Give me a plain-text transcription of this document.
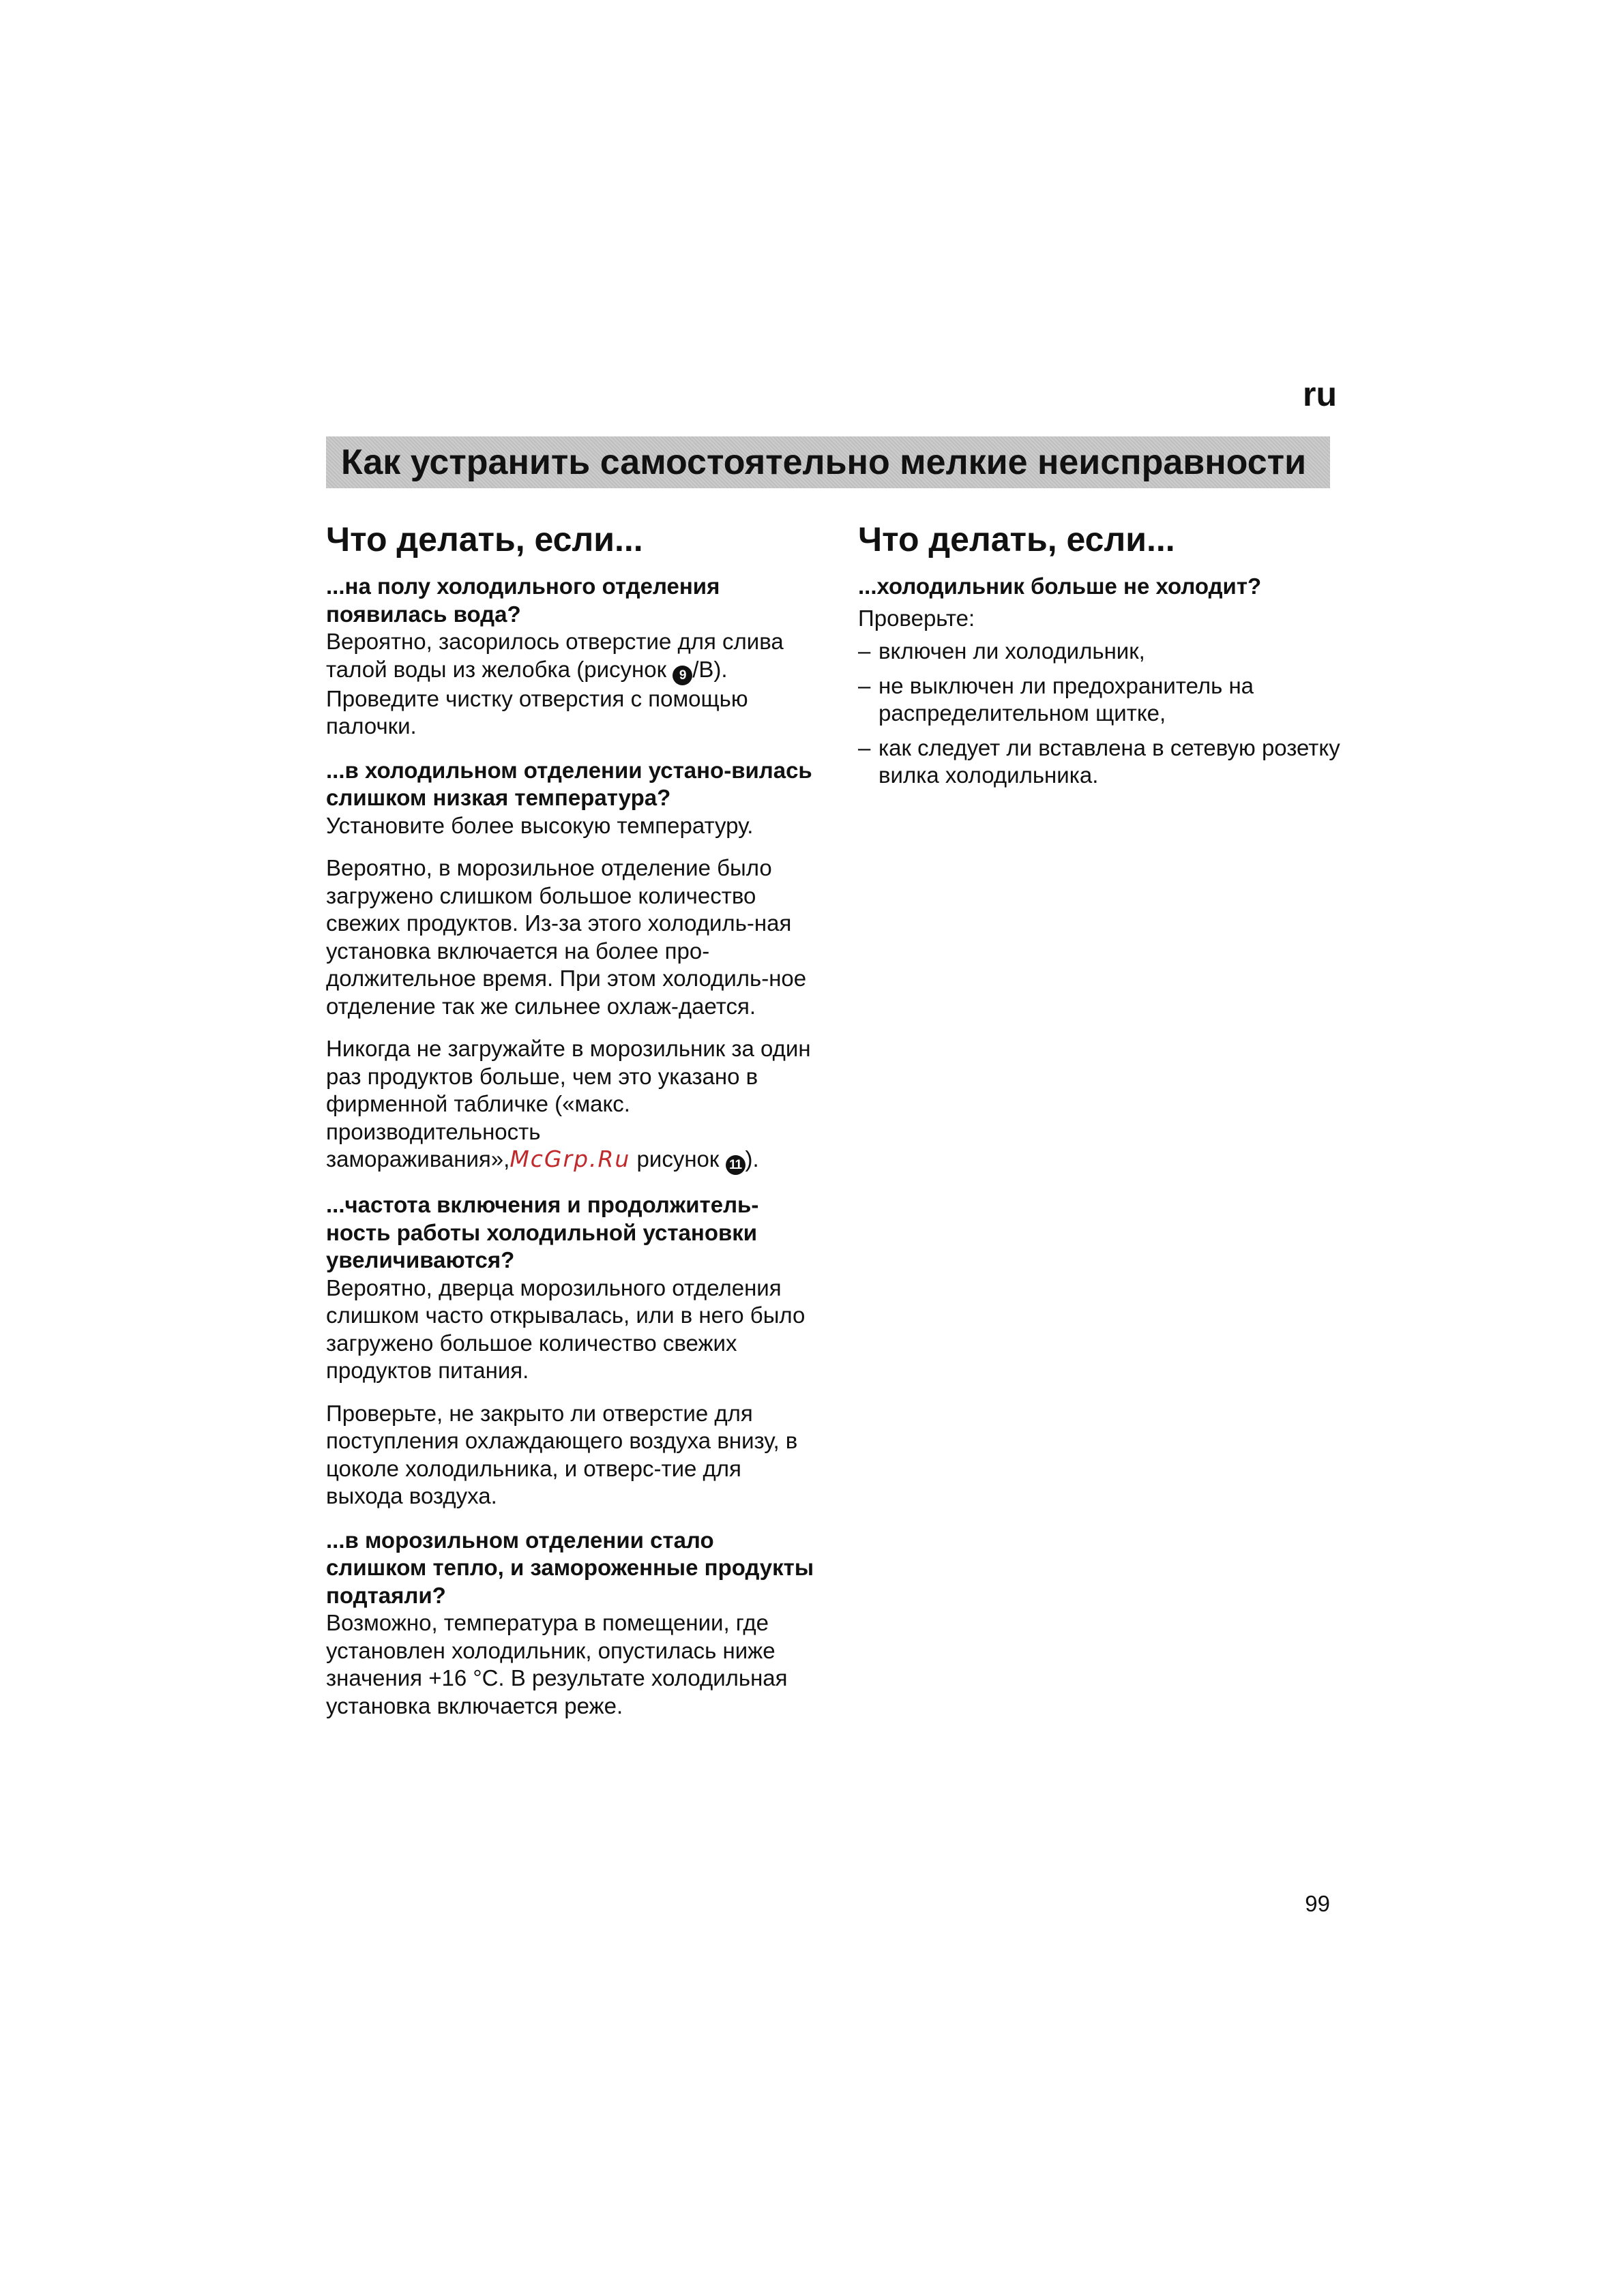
ru
Как устранить самостоятельно мелкие неисправности
Что делать, если...

...на полу холодильного отделения появилась вода?

Вероятно, засорилось отверстие для слива талой воды из желобка (рисунок 9 /B). Проведите чистку отверстия с помощью палочки.

...в холодильном отделении устано-вилась слишком низкая температура?

Установите более высокую температуру.

Вероятно, в морозильное отделение было загружено слишком большое количество свежих продуктов. Из-за этого холодиль-ная установка включается на более про-должительное время. При этом холодиль-ное отделение так же сильнее охлаж-дается.

Никогда не загружайте в морозильник за один раз продуктов больше, чем это указано в фирменной табличке («макс. производительность замораживания»,McGrp.Ru рисунок 11 ).

...частота включения и продолжитель-ность работы холодильной установки увеличиваются?

Вероятно, дверца морозильного отделения слишком часто открывалась, или в него было загружено большое количество свежих продуктов питания.

Проверьте, не закрыто ли отверстие для поступления охлаждающего воздуха внизу, в цоколе холодильника, и отверс-тие для выхода воздуха.

...в морозильном отделении стало слишком тепло, и замороженные продукты подтаяли?

Возможно, температура в помещении, где установлен холодильник, опустилась ниже значения +16 °C. В результате холодильная установка включается реже.

Что делать, если...

...холодильник больше не холодит?

Проверьте:

– включен ли холодильник,
– не выключен ли предохранитель на распределительном щитке,
– как следует ли вставлена в сетевую розетку вилка холодильника.
99
